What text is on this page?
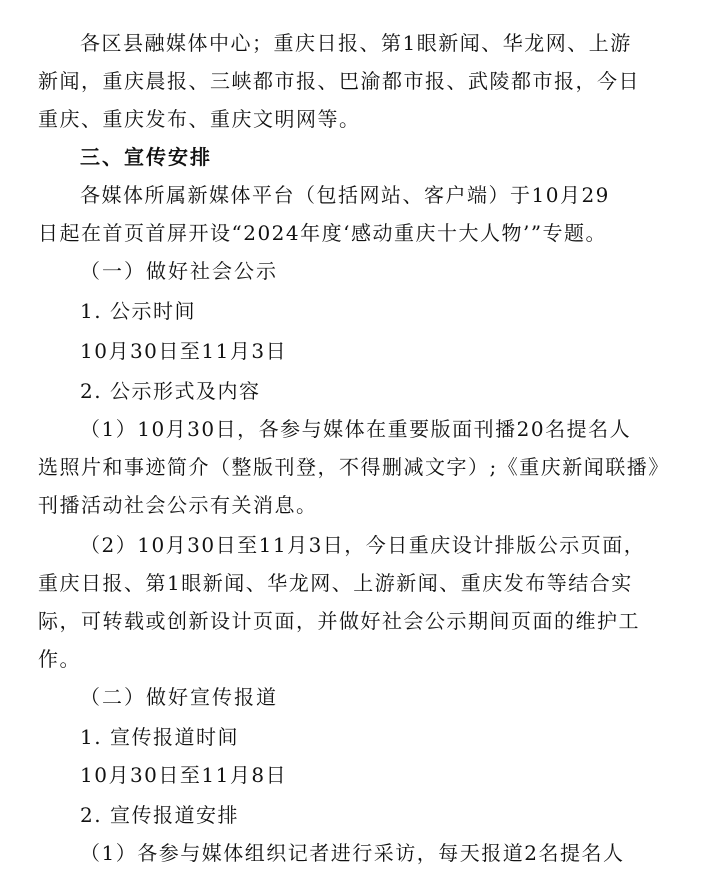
各区县融媒体中心；重庆日报、第1眼新闻、华龙网、上游
新闻，重庆晨报、三峡都市报、巴渝都市报、武陵都市报，今日
重庆、重庆发布、重庆文明网等。
三、宣传安排
各媒体所属新媒体平台（包括网站、客户端）于10月29
日起在首页首屏开设“2024年度‘感动重庆十大人物’”专题。
（一）做好社会公示
1. 公示时间
10月30日至11月3日
2. 公示形式及内容
（1）10月30日，各参与媒体在重要版面刊播20名提名人
选照片和事迹简介（整版刊登，不得删减文字）;《重庆新闻联播》
刊播活动社会公示有关消息。
（2）10月30日至11月3日，今日重庆设计排版公示页面，
重庆日报、第1眼新闻、华龙网、上游新闻、重庆发布等结合实
际，可转载或创新设计页面，并做好社会公示期间页面的维护工
作。
（二）做好宣传报道
1. 宣传报道时间
10月30日至11月8日
2. 宣传报道安排
（1）各参与媒体组织记者进行采访，每天报道2名提名人
